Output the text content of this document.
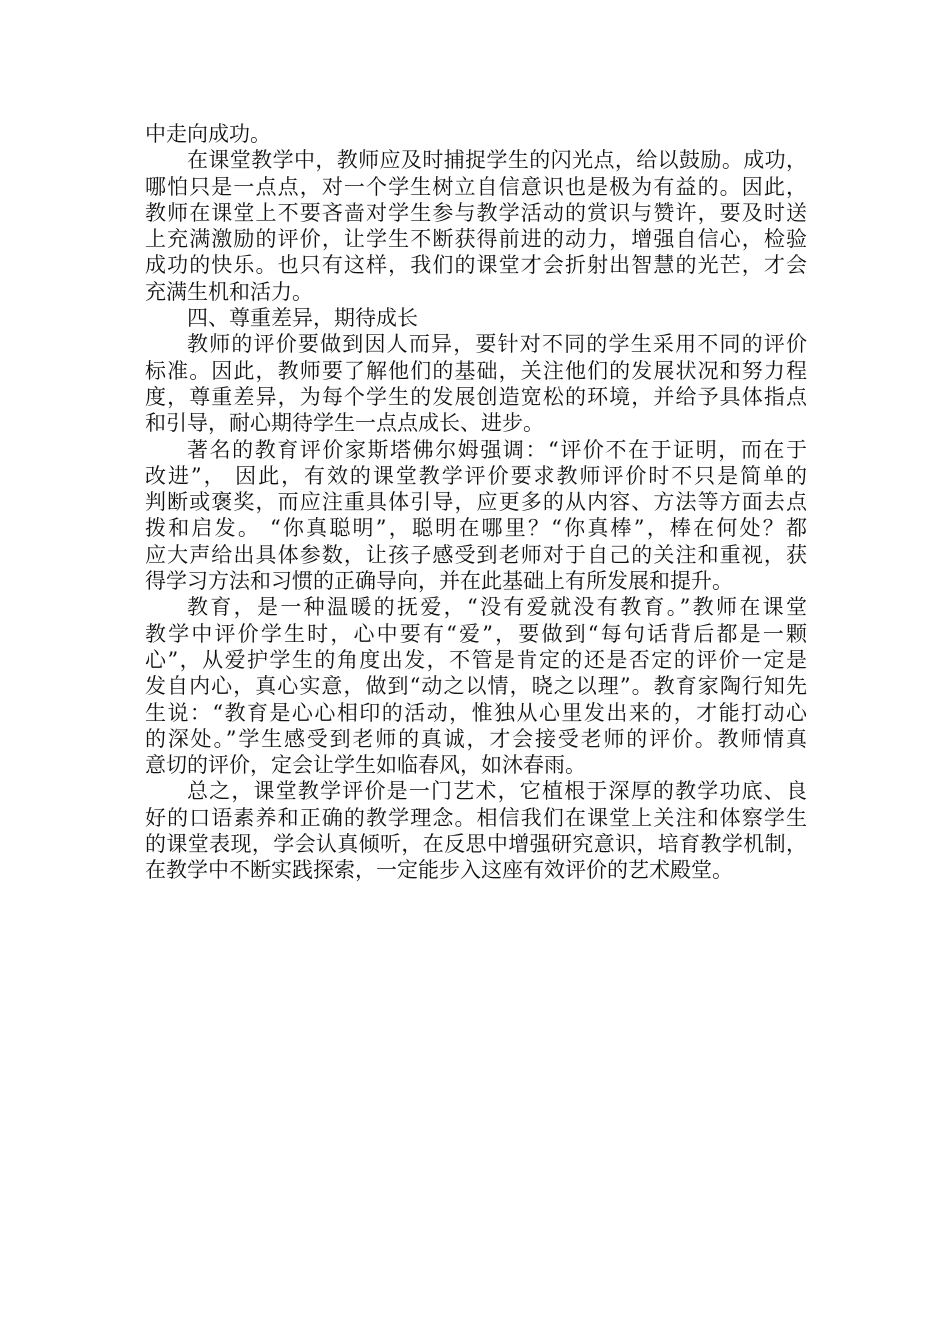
中走向成功。
在课堂教学中，教师应及时捕捉学生的闪光点，给以鼓励。成功，
哪怕只是一点点，对一个学生树立自信意识也是极为有益的。因此，
教师在课堂上不要吝啬对学生参与教学活动的赏识与赞许，要及时送
上充满激励的评价，让学生不断获得前进的动力，增强自信心，检验
成功的快乐。也只有这样，我们的课堂才会折射出智慧的光芒，才会
充满生机和活力。
四、尊重差异，期待成长
教师的评价要做到因人而异，要针对不同的学生采用不同的评价
标准。因此，教师要了解他们的基础，关注他们的发展状况和努力程
度，尊重差异，为每个学生的发展创造宽松的环境，并给予具体指点
和引导，耐心期待学生一点点成长、进步。
著名的教育评价家斯塔佛尔姆强调：“评价不在于证明，而在于
改进”， 因此，有效的课堂教学评价要求教师评价时不只是简单的
判断或褒奖，而应注重具体引导，应更多的从内容、方法等方面去点
拨和启发。 “你真聪明”，聪明在哪里？“你真棒”，棒在何处？都
应大声给出具体参数，让孩子感受到老师对于自己的关注和重视，获
得学习方法和习惯的正确导向，并在此基础上有所发展和提升。
教育，是一种温暖的抚爱，“没有爱就没有教育。”教师在课堂
教学中评价学生时，心中要有“爱”，要做到“每句话背后都是一颗
心”，从爱护学生的角度出发，不管是肯定的还是否定的评价一定是
发自内心，真心实意，做到“动之以情，晓之以理”。教育家陶行知先
生说：“教育是心心相印的活动，惟独从心里发出来的，才能打动心
的深处。”学生感受到老师的真诚，才会接受老师的评价。教师情真
意切的评价，定会让学生如临春风，如沐春雨。
总之，课堂教学评价是一门艺术，它植根于深厚的教学功底、良
好的口语素养和正确的教学理念。相信我们在课堂上关注和体察学生
的课堂表现，学会认真倾听，在反思中增强研究意识，培育教学机制，
在教学中不断实践探索，一定能步入这座有效评价的艺术殿堂。
